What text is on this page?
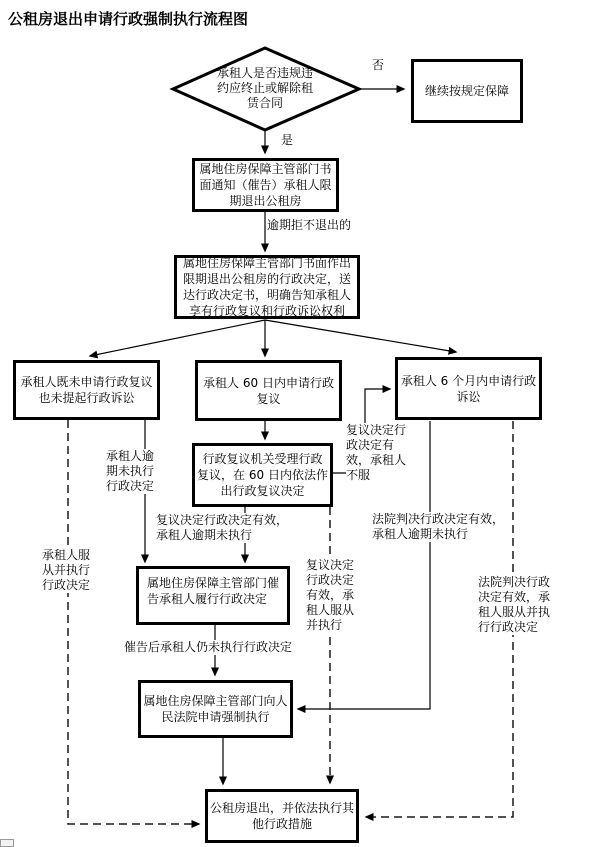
公租房退出申请行政强制执行流程图
承租人是否违规违约应终止或解除租赁合同
继续按规定保障
属地住房保障主管部门书面通知（催告）承租人限期退出公租房
属地住房保障主管部门书面作出限期退出公租房的行政决定，送达行政决定书，明确告知承租人享有行政复议和行政诉讼权利
承租人既未申请行政复议也未提起行政诉讼
承租人 60 日内申请行政复议
承租人 6 个月内申请行政诉讼
行政复议机关受理行政复议，在 60 日内依法作出行政复议决定
属地住房保障主管部门催告承租人履行行政决定
属地住房保障主管部门向人民法院申请强制执行
公租房退出，并依法执行其他行政措施
否
是
逾期拒不退出的
承租人逾期未执行行政决定
复议决定行政决定有效，承租人不服
复议决定行政决定有效，承租人逾期未执行
法院判决行政决定有效，承租人逾期未执行
承租人服从并执行行政决定
复议决定行政决定有效，承租人服从并执行
法院判决行政决定有效，承租人服从并执行行政决定
催告后承租人仍未执行行政决定
